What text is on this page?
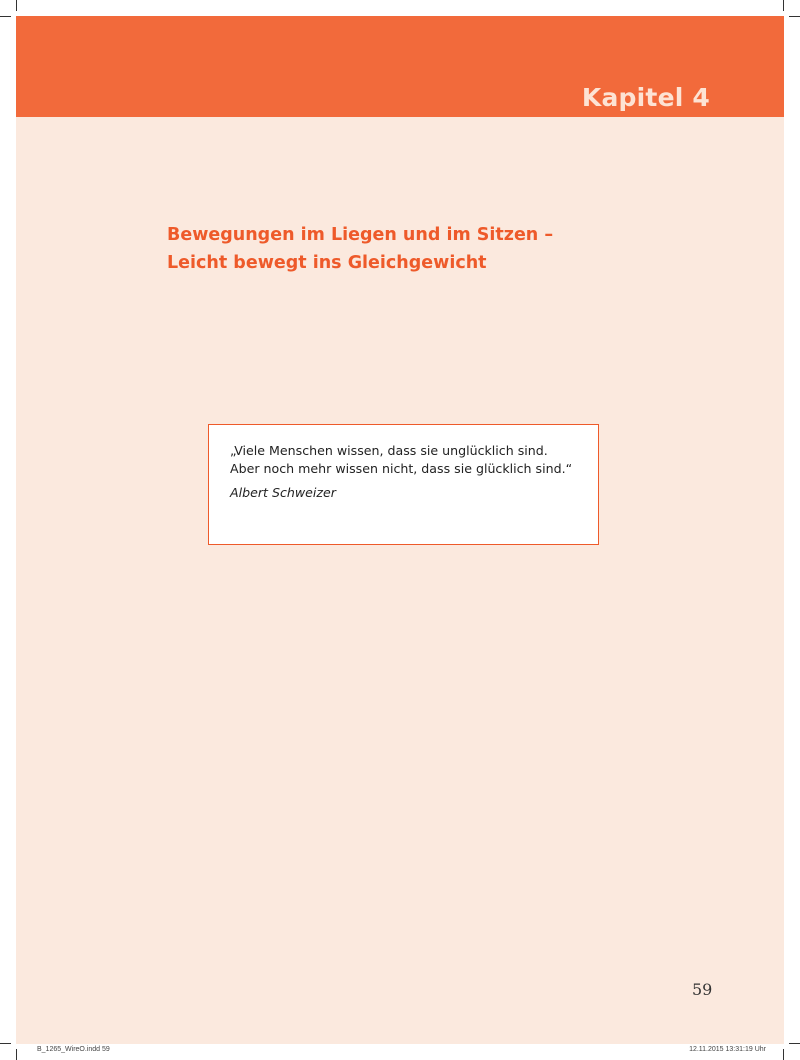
Kapitel 4
Bewegungen im Liegen und im Sitzen –
Leicht bewegt ins Gleichgewicht
„Viele Menschen wissen, dass sie unglücklich sind.
Aber noch mehr wissen nicht, dass sie glücklich sind.“
Albert Schweizer
59
B_1265_WireO.indd 59	12.11.2015 13:31:19 Uhr
